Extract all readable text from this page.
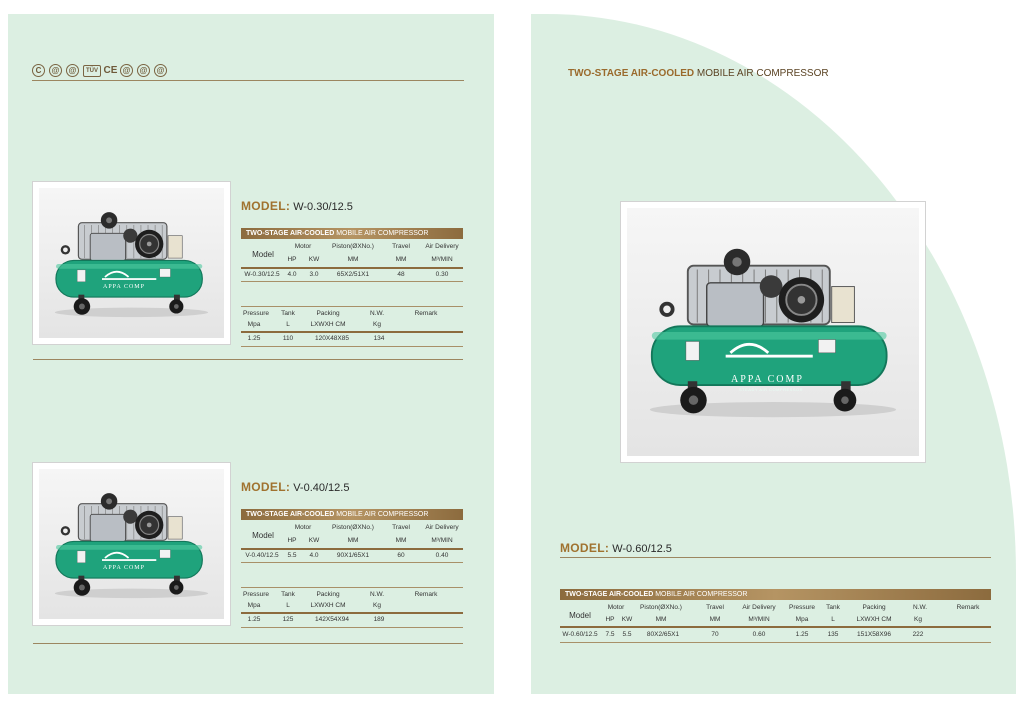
C	@	@	TÜV CE @	@	@
APPA COMP
MODEL: W-0.30/12.5
TWO-STAGE AIR-COOLED MOBILE AIR COMPRESSOR
Model
Motor	Piston(ØXNo.)	Travel Air Delivery
HP KW	MM	MM	M³/MIN
W-0.30/12.5 4.0 3.0	65X2/51X1	48	0.30
Pressure Tank	Packing	N.W.	Remark
Mpa	L	LXWXH CM	Kg
1.25	110	120X48X85	134
APPA COMP
MODEL: V-0.40/12.5
TWO-STAGE AIR-COOLED MOBILE AIR COMPRESSOR
Model
Motor	Piston(ØXNo.)	Travel Air Delivery
HP KW	MM	MM	M³/MIN
V-0.40/12.5 5.5 4.0	90X1/65X1	60	0.40
Pressure Tank	Packing	N.W.	Remark
Mpa	L	LXWXH CM	Kg
1.25	125	142X54X94	189
TWO-STAGE AIR-COOLED MOBILE AIR COMPRESSOR
APPA COMP
STEADY AIR COMPRESSOR
MODEL: W-0.60/12.5
TWO-STAGE AIR-COOLED MOBILE AIR COMPRESSOR
Model
Motor Piston(ØXNo.)	Travel	Air Delivery Pressure Tank	Packing	N.W.	Remark
HP KW	MM	MM	M³/MIN	Mpa	L	LXWXH CM	Kg
W-0.60/12.5 7.5 5.5 80X2/65X1	70	0.60	1.25	135	151X58X96	222
